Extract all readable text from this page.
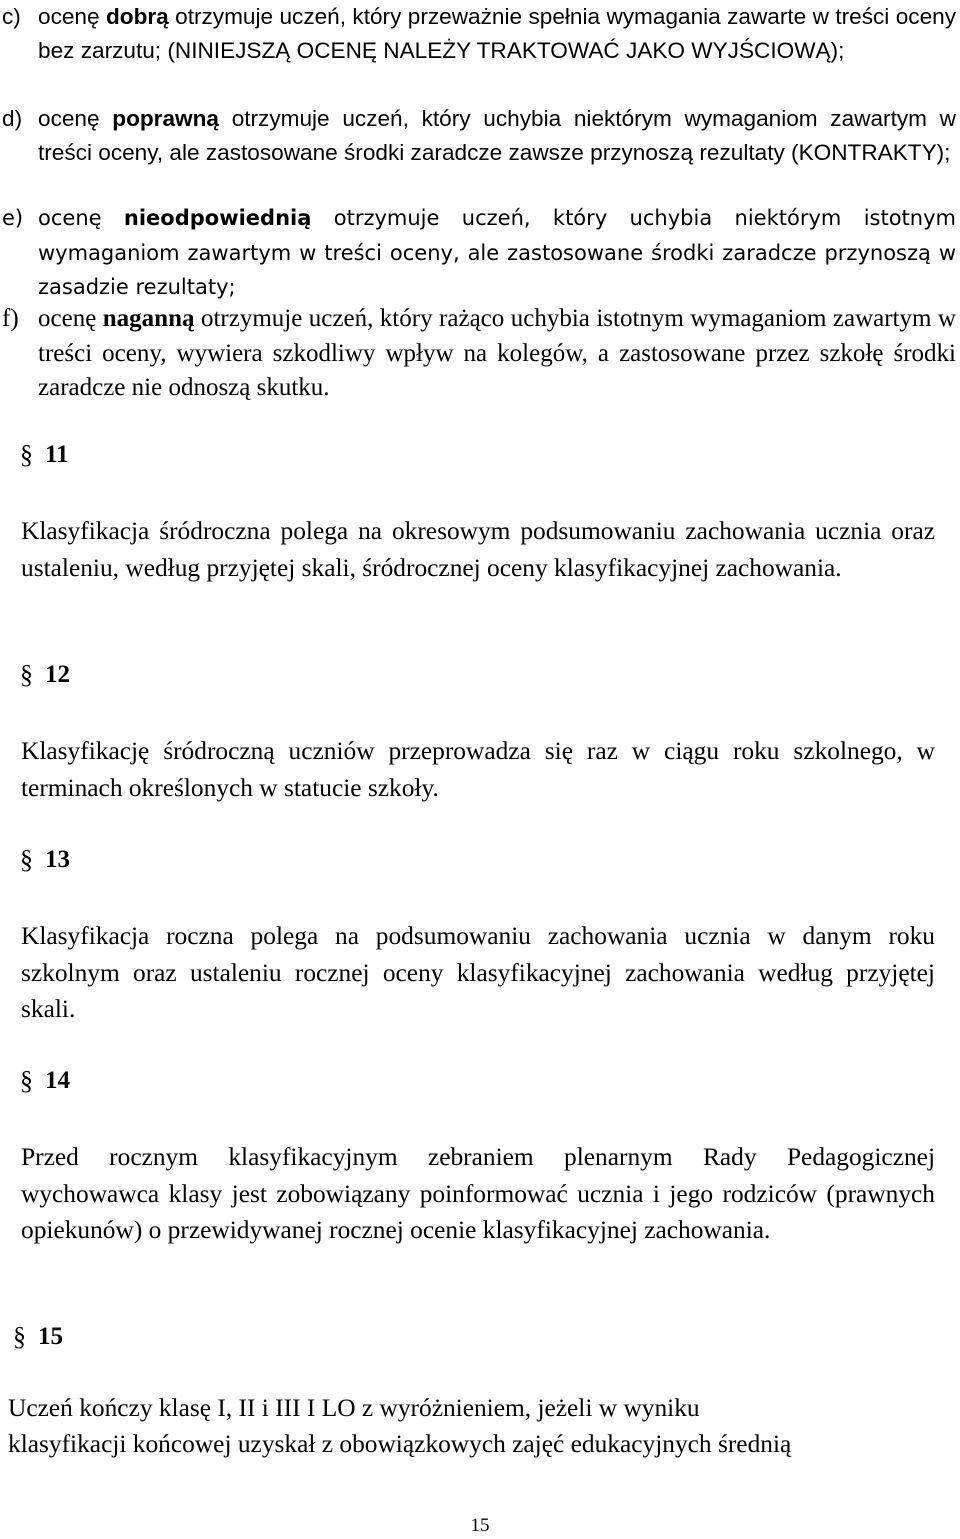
c) ocenę dobrą otrzymuje uczeń, który przeważnie spełnia wymagania zawarte w treści oceny bez zarzutu; (NINIEJSZĄ OCENĘ NALEŻY TRAKTOWAĆ JAKO WYJŚCIOWĄ);

d) ocenę poprawną otrzymuje uczeń, który uchybia niektórym wymaganiom zawartym w treści oceny, ale zastosowane środki zaradcze zawsze przynoszą rezultaty (KONTRAKTY);

e) ocenę nieodpowiednią otrzymuje uczeń, który uchybia niektórym istotnym wymaganiom zawartym w treści oceny, ale zastosowane środki zaradcze przynoszą w zasadzie rezultaty;

f) ocenę naganną otrzymuje uczeń, który rażąco uchybia istotnym wymaganiom zawartym w treści oceny, wywiera szkodliwy wpływ na kolegów, a zastosowane przez szkołę środki zaradcze nie odnoszą skutku.

§ 11

Klasyfikacja śródroczna polega na okresowym podsumowaniu zachowania ucznia oraz ustaleniu, według przyjętej skali, śródrocznej oceny klasyfikacyjnej zachowania.

§ 12

Klasyfikację śródroczną uczniów przeprowadza się raz w ciągu roku szkolnego, w terminach określonych w statucie szkoły.

§ 13

Klasyfikacja roczna polega na podsumowaniu zachowania ucznia w danym roku szkolnym oraz ustaleniu rocznej oceny klasyfikacyjnej zachowania według przyjętej skali.

§ 14

Przed rocznym klasyfikacyjnym zebraniem plenarnym Rady Pedagogicznej wychowawca klasy jest zobowiązany poinformować ucznia i jego rodziców (prawnych opiekunów) o przewidywanej rocznej ocenie klasyfikacyjnej zachowania.

§ 15
Uczeń kończy klasę I, II i III I LO z wyróżnieniem, jeżeli w wyniku
klasyfikacji końcowej uzyskał z obowiązkowych zajęć edukacyjnych średnią
15
